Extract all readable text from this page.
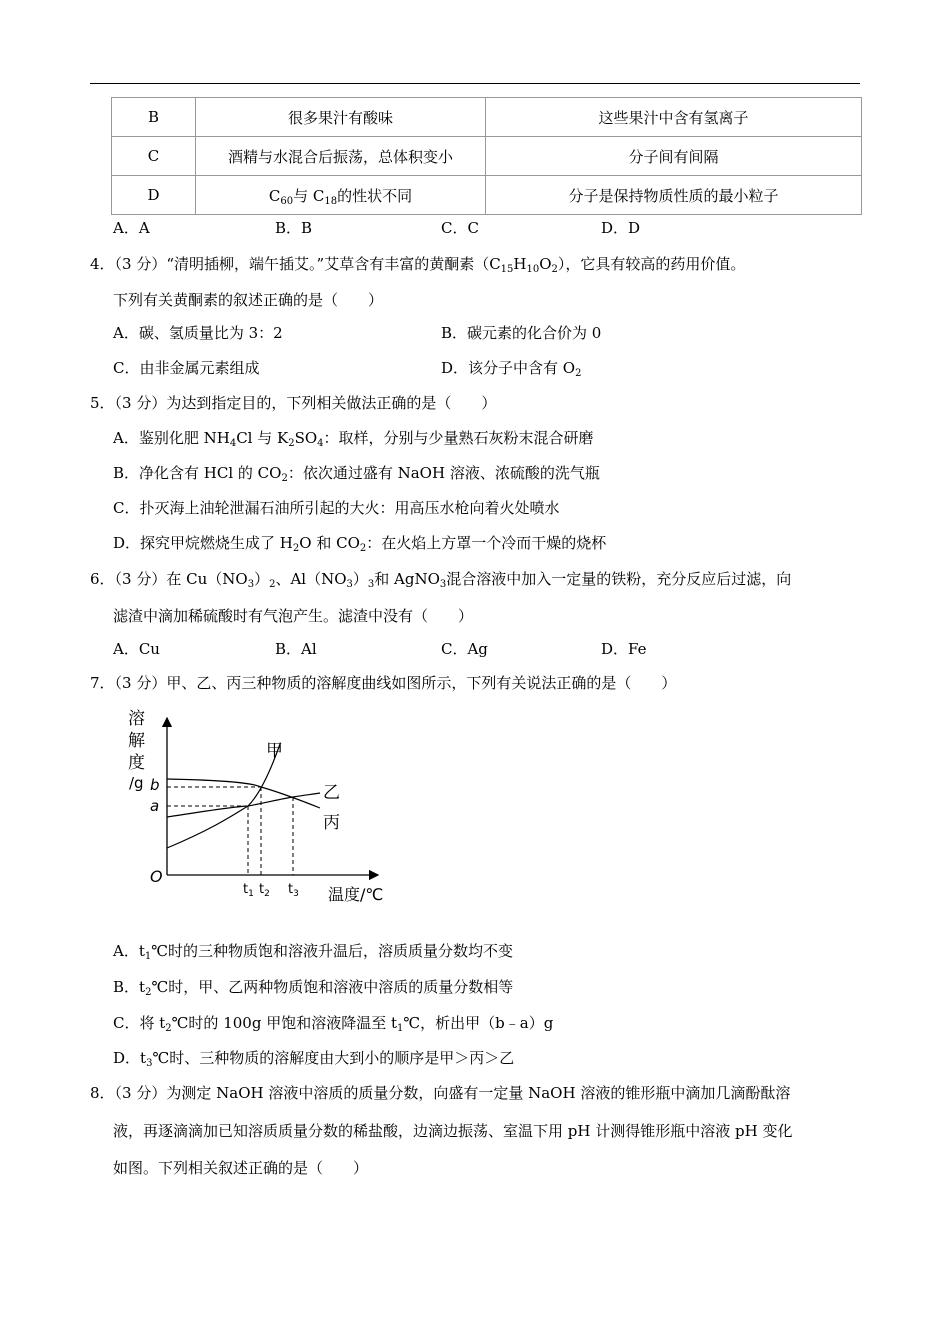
B	很多果汁有酸味	这些果汁中含有氢离子
C	酒精与水混合后振荡，总体积变小	分子间有间隔
D	$C_{60}$与 $C_{18}$的性状不同	分子是保持物质性质的最小粒子
A．A	B．B	C．C	D．D
4．（3 分）“清明插柳，端午插艾。”艾草含有丰富的黄酮素$(C_{15}H_{10}O_2)$，它具有较高的药用价值。
下列有关黄酮素的叙述正确的是（　　）
A．碳、氢质量比为 3：2	B．碳元素的化合价为 0
C．由非金属元素组成	D．该分子中含有 $O_2$
5．（3 分）为达到指定目的，下列相关做法正确的是（　　）
A．鉴别化肥 $NH_4Cl$ 与 $K_2SO_4$：取样，分别与少量熟石灰粉末混合研磨
B．净化含有 HCl 的 $CO_2$：依次通过盛有 NaOH 溶液、浓硫酸的洗气瓶
C．扑灭海上油轮泄漏石油所引起的大火：用高压水枪向着火处喷水
D．探究甲烷燃烧生成了 $H_2O$ 和 $CO_2$：在火焰上方罩一个冷而干燥的烧杯
6．（3 分）在 $Cu(NO_3)_2$、$Al(NO_3)_3$和 AgNO$_3$混合溶液中加入一定量的铁粉，充分反应后过滤，向
滤渣中滴加稀硫酸时有气泡产生。滤渣中没有（　　）
A．Cu	B．Al	C．Ag	D．Fe
7．（3 分）甲、乙、丙三种物质的溶解度曲线如图所示，下列有关说法正确的是（　　）
溶
解
度
/g b
a
O
甲
乙
丙
$t_1$ $t_2$ $t_3$ 温度/℃
A．$t_1℃$时的三种物质饱和溶液升温后，溶质质量分数均不变
B．$t_2℃$时，甲、乙两种物质饱和溶液中溶质的质量分数相等
C．将 $t_2℃$时的 100g 甲饱和溶液降温至 $t_1℃$，析出甲（b﹣a）g
D．$t_3℃$时、三种物质的溶解度由大到小的顺序是甲＞丙＞乙
8．（3 分）为测定 NaOH 溶液中溶质的质量分数，向盛有一定量 NaOH 溶液的锥形瓶中滴加几滴酚酞溶
液，再逐滴滴加已知溶质质量分数的稀盐酸，边滴边振荡、室温下用 pH 计测得锥形瓶中溶液 pH 变化
如图。下列相关叙述正确的是（　　）
